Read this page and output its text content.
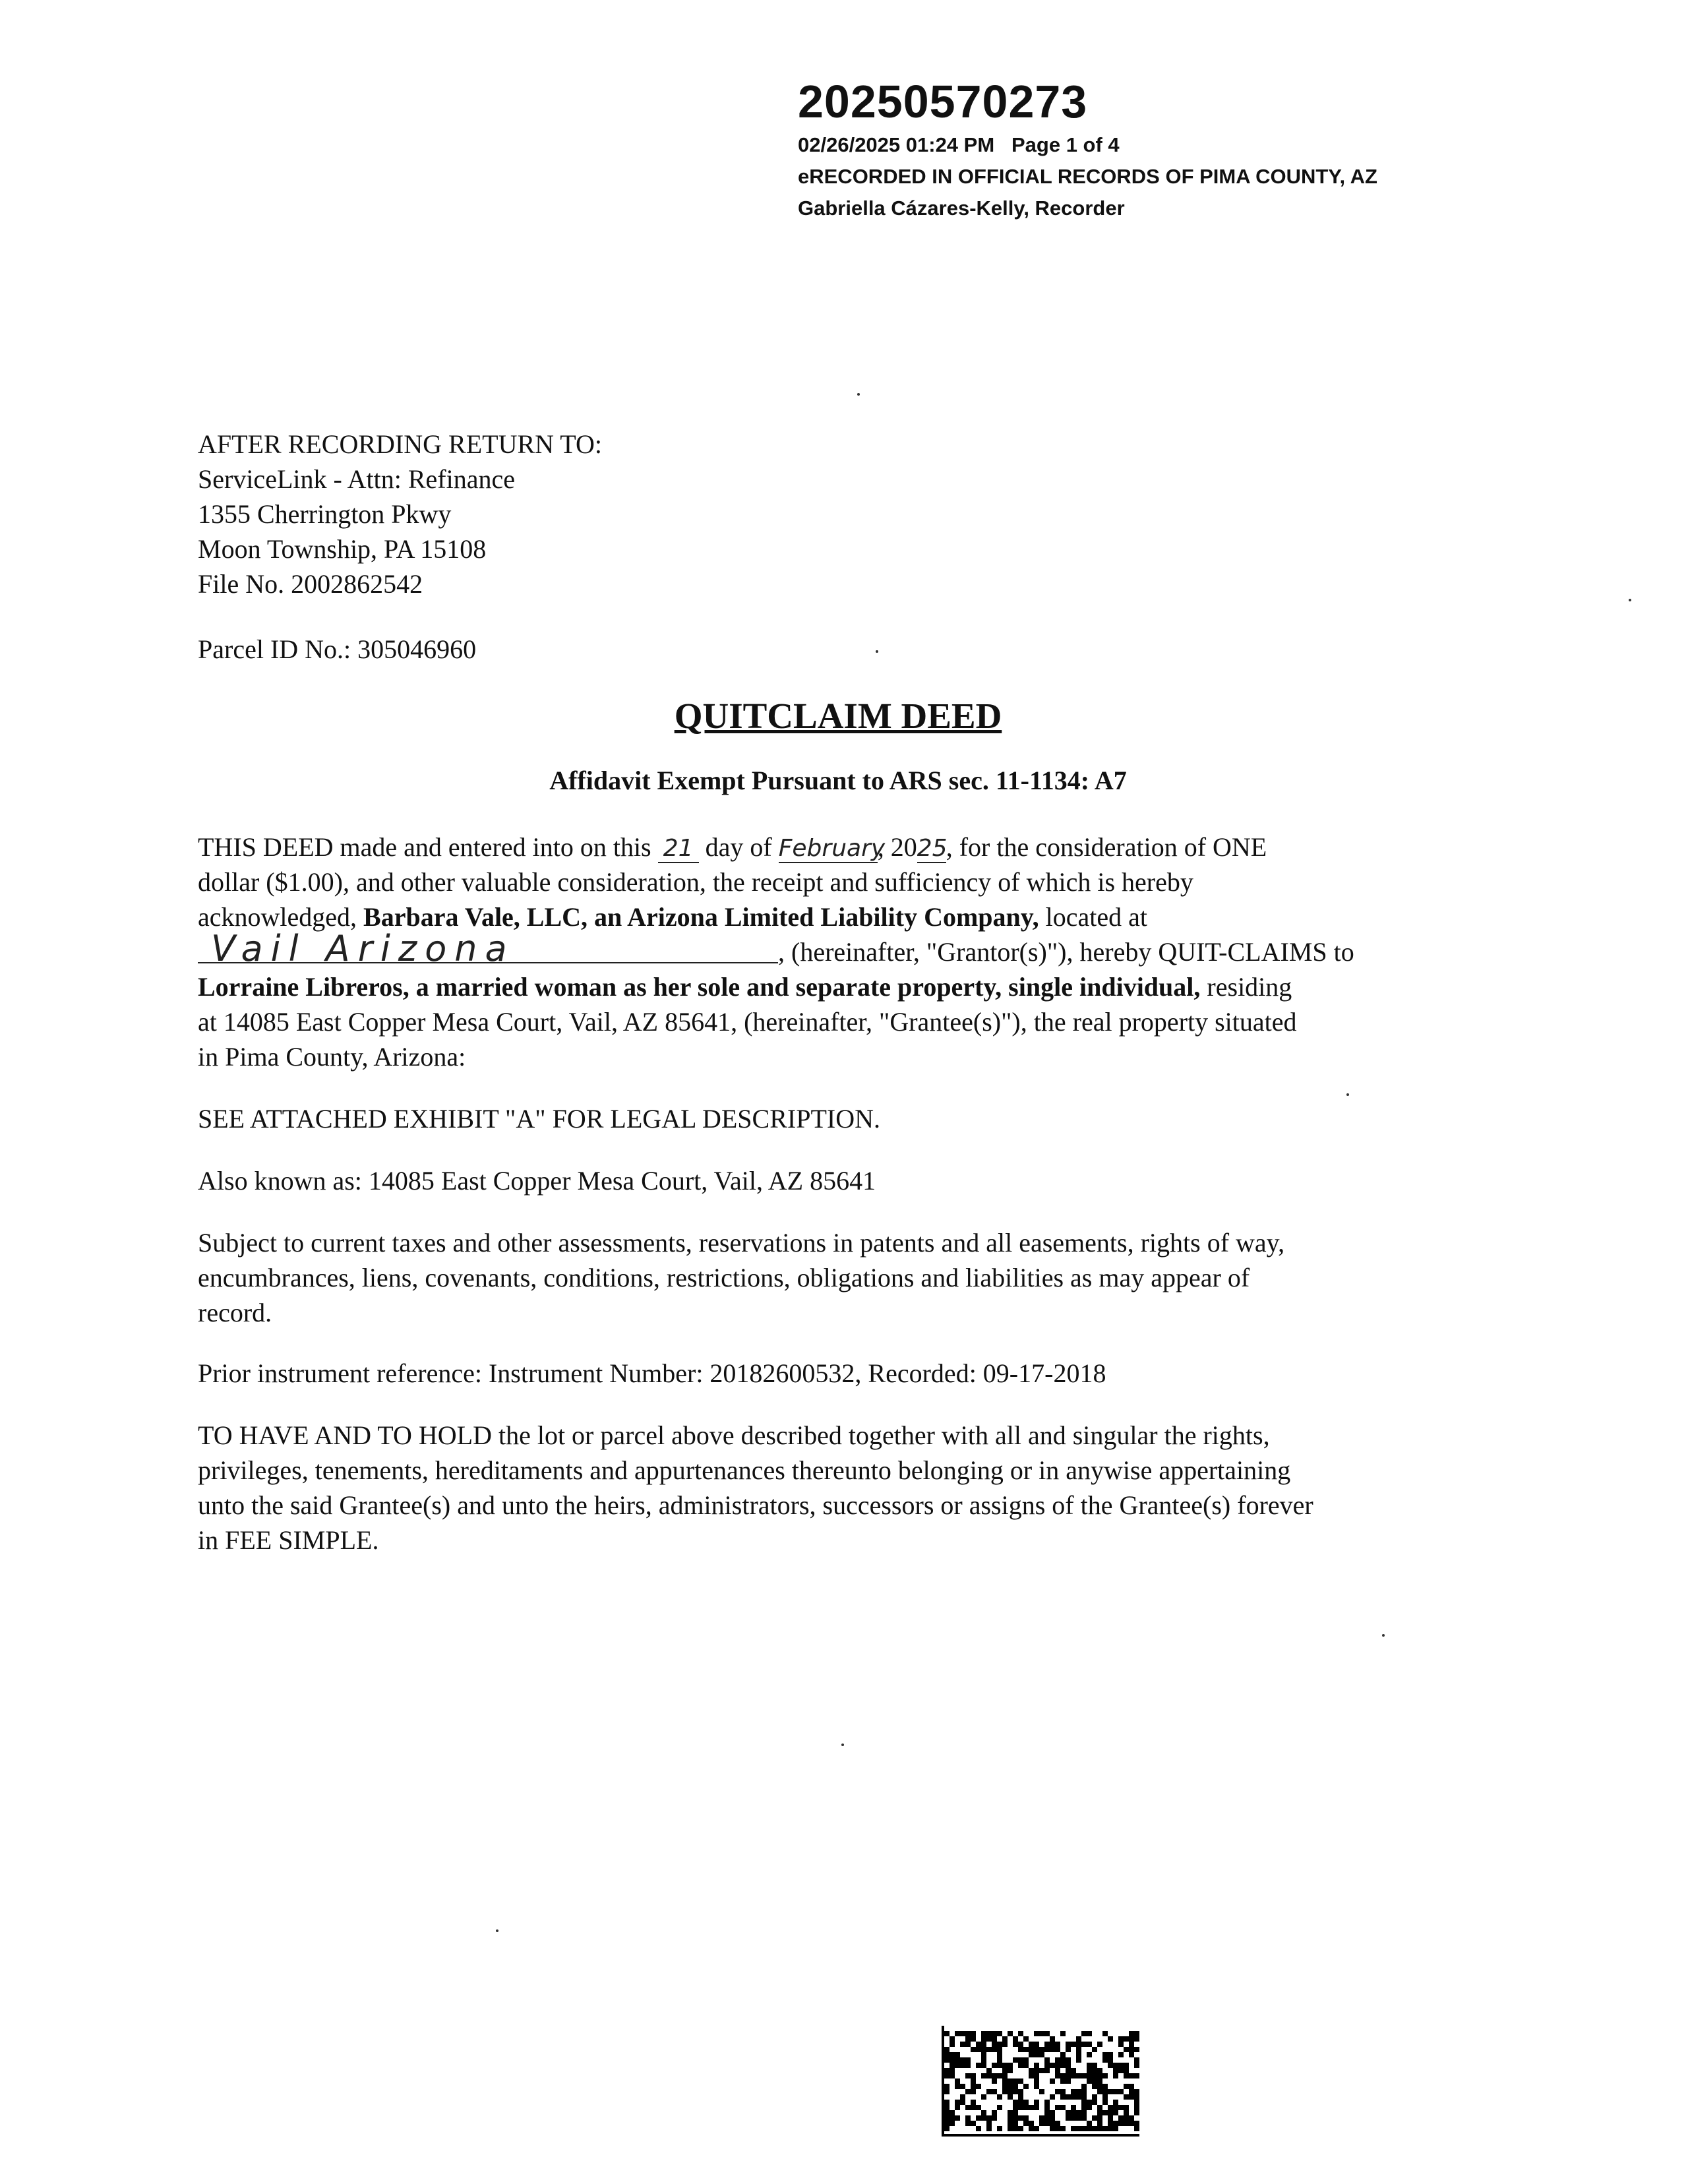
20250570273
02/26/2025 01:24 PM   Page 1 of 4
eRECORDED IN OFFICIAL RECORDS OF PIMA COUNTY, AZ
Gabriella Cázares-Kelly, Recorder
AFTER RECORDING RETURN TO:
ServiceLink - Attn: Refinance
1355 Cherrington Pkwy
Moon Township, PA 15108
File No. 2002862542
Parcel ID No.: 305046960
QUITCLAIM DEED
Affidavit Exempt Pursuant to ARS sec. 11-1134: A7
THIS DEED made and entered into on this 21 day of February, 2025, for the consideration of ONE
dollar ($1.00), and other valuable consideration, the receipt and sufficiency of which is hereby
acknowledged, Barbara Vale, LLC, an Arizona Limited Liability Company, located at
Vail Arizona	, (hereinafter, "Grantor(s)"), hereby QUIT-CLAIMS to
Lorraine Libreros, a married woman as her sole and separate property, single individual, residing
at 14085 East Copper Mesa Court, Vail, AZ 85641, (hereinafter, "Grantee(s)"), the real property situated
in Pima County, Arizona:
SEE ATTACHED EXHIBIT "A" FOR LEGAL DESCRIPTION.
Also known as: 14085 East Copper Mesa Court, Vail, AZ 85641
Subject to current taxes and other assessments, reservations in patents and all easements, rights of way,
encumbrances, liens, covenants, conditions, restrictions, obligations and liabilities as may appear of
record.
Prior instrument reference: Instrument Number: 20182600532, Recorded: 09-17-2018
TO HAVE AND TO HOLD the lot or parcel above described together with all and singular the rights,
privileges, tenements, hereditaments and appurtenances thereunto belonging or in anywise appertaining
unto the said Grantee(s) and unto the heirs, administrators, successors or assigns of the Grantee(s) forever
in FEE SIMPLE.
